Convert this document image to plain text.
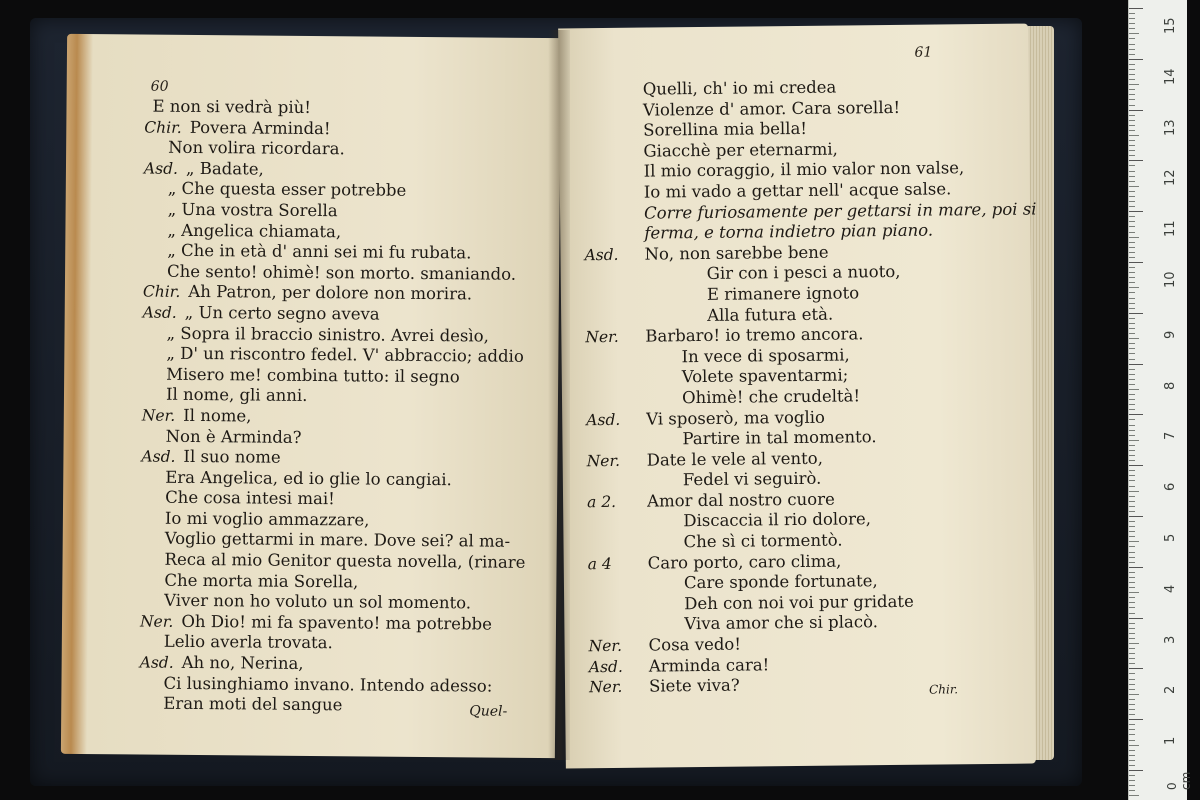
60
E non si vedrà più!
Chir. Povera Arminda!
Non volira ricordara.
Asd. „ Badate,
„ Che questa esser potrebbe
„ Una vostra Sorella
„ Angelica chiamata,
„ Che in età d' anni sei mi fu rubata.
Che sento! ohimè! son morto. smaniando.
Chir. Ah Patron, per dolore non morira.
Asd. „ Un certo segno aveva
„ Sopra il braccio sinistro. Avrei desìo,
„ D' un riscontro fedel. V' abbraccio; addio
Misero me! combina tutto: il segno
Il nome, gli anni.
Ner. Il nome,
Non è Arminda?
Asd. Il suo nome
Era Angelica, ed io glie lo cangiai.
Che cosa intesi mai!
Io mi voglio ammazzare,
Voglio gettarmi in mare. Dove sei? al ma-
Reca al mio Genitor questa novella, (rinare
Che morta mia Sorella,
Viver non ho voluto un sol momento.
Ner. Oh Dio! mi fa spavento! ma potrebbe
Lelio averla trovata.
Asd. Ah no, Nerina,
Ci lusinghiamo invano. Intendo adesso:
Eran moti del sangue	Quel-
61
Quelli, ch' io mi credea
Violenze d' amor. Cara sorella!
Sorellina mia bella!
Giacchè per eternarmi,
Il mio coraggio, il mio valor non valse,
Io mi vado a gettar nell' acque salse.
Corre furiosamente per gettarsi in mare, poi si
ferma, e torna indietro pian piano.
Asd. No, non sarebbe bene
Gir con i pesci a nuoto,
E rimanere ignoto
Alla futura età.
Ner. Barbaro! io tremo ancora.
In vece di sposarmi,
Volete spaventarmi;
Ohimè! che crudeltà!
Asd. Vi sposerò, ma voglio
Partire in tal momento.
Ner. Date le vele al vento,
Fedel vi seguirò.
a 2. Amor dal nostro cuore
Discaccia il rio dolore,
Che sì ci tormentò.
a 4 Caro porto, caro clima,
Care sponde fortunate,
Deh con noi voi pur gridate
Viva amor che si placò.
Ner. Cosa vedo!
Asd. Arminda cara!
Ner. Siete viva?	Chir.
0 cm
15
14
13
12
11
10
9
8
7
6
5
4
3
2
1
